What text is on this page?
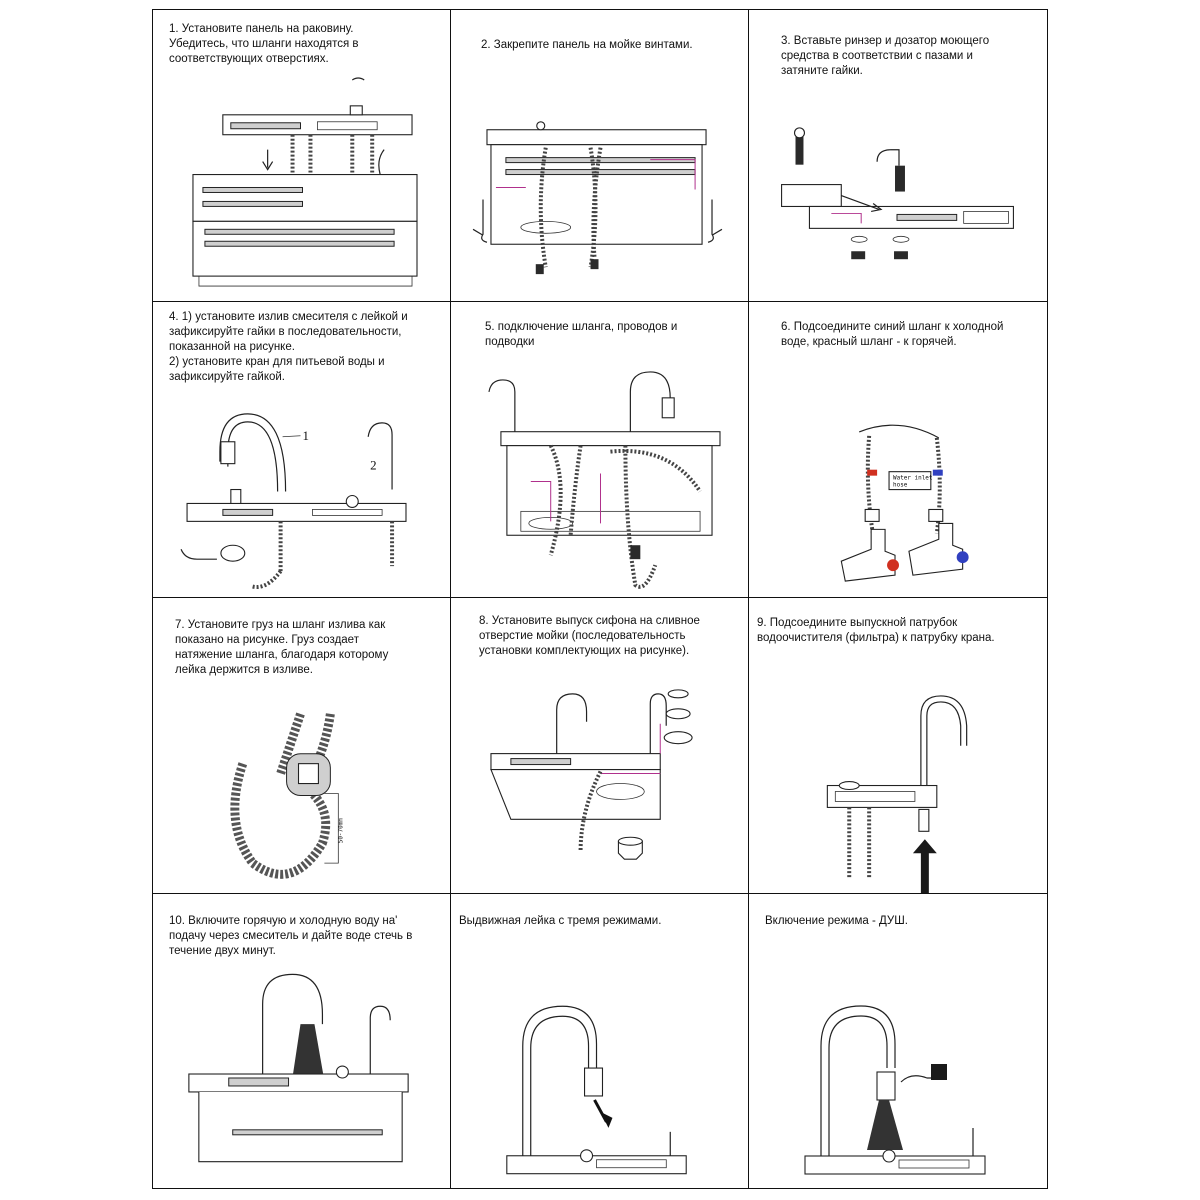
1. Установите панель на раковину.
Убедитесь, что шланги находятся в
соответствующих отверстиях.
2. Закрепите панель на мойке винтами.	3. Вставьте ринзер и дозатор моющего
средства в соответствии с пазами и
затяните гайки.
4. 1) установите излив смесителя с лейкой и
зафиксируйте гайки в последовательности,
показанной на рисунке.
2) установите кран для питьевой воды и
зафиксируйте гайкой.
1
2
5. подключение шланга, проводов и
подводки
6. Подсоедините синий шланг к холодной
воде, красный шланг - к горячей.
Water inlet
hose
7. Установите груз на шланг излива как
показано на рисунке. Груз создает
натяжение шланга, благодаря которому
лейка держится в изливе.
50-70mm
8. Установите выпуск сифона на сливное
отверстие мойки (последовательность
установки комплектующих на рисунке).
9. Подсоедините выпускной патрубок
водоочистителя (фильтра) к патрубку крана.
10. Включите горячую и холодную воду на'
подачу через смеситель и дайте воде стечь в
течение двух минут.
Выдвижная лейка с тремя режимами.	Включение режима - ДУШ.
